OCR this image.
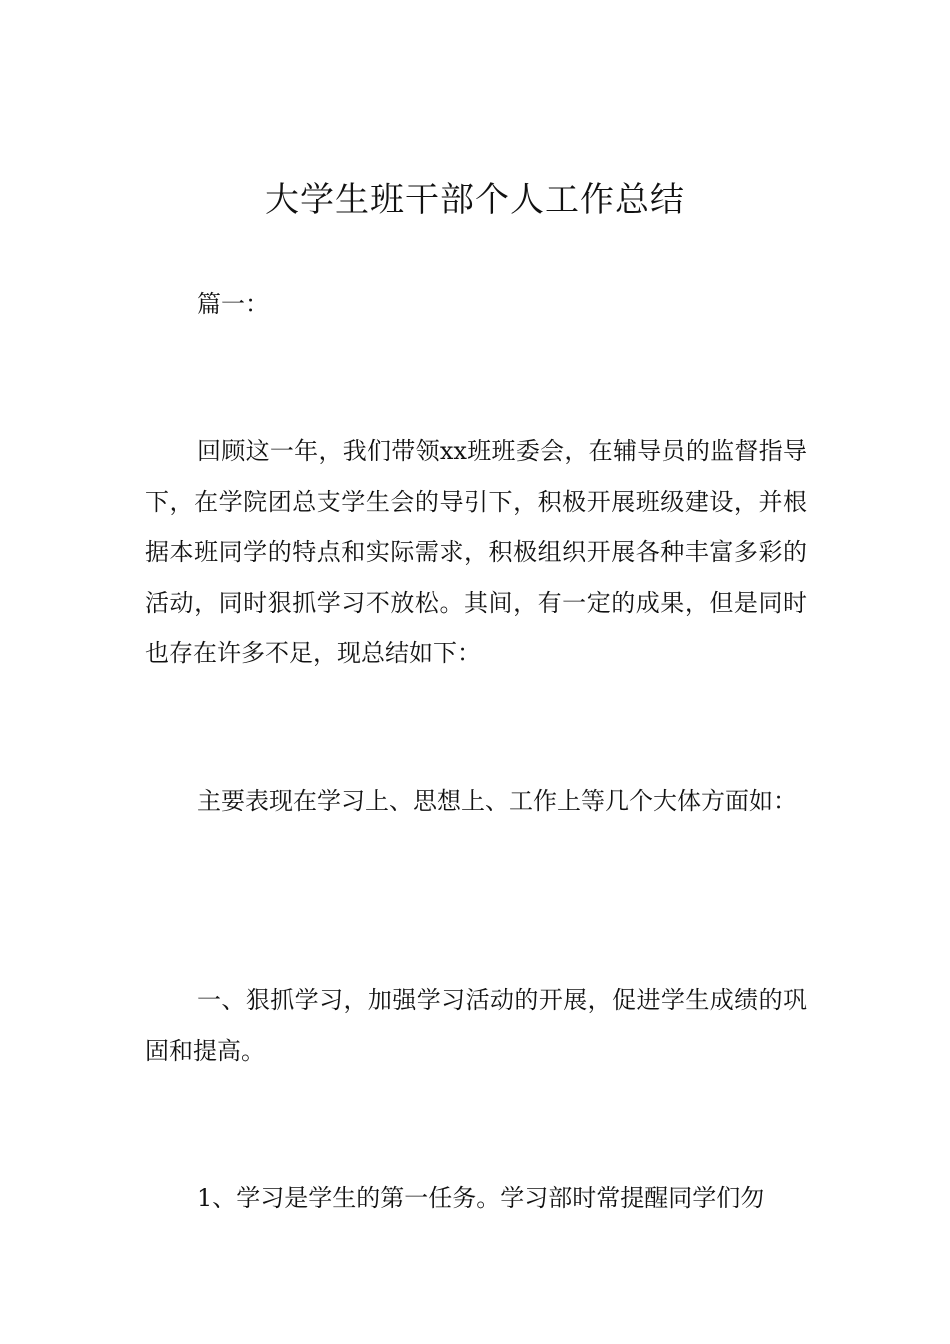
大学生班干部个人工作总结
篇一：
回顾这一年，我们带领xx班班委会，在辅导员的监督指导下，在学院团总支学生会的导引下，积极开展班级建设，并根据本班同学的特点和实际需求，积极组织开展各种丰富多彩的活动，同时狠抓学习不放松。其间，有一定的成果，但是同时也存在许多不足，现总结如下：
主要表现在学习上、思想上、工作上等几个大体方面如：
一、狠抓学习，加强学习活动的开展，促进学生成绩的巩固和提高。
1、学习是学生的第一任务。学习部时常提醒同学们勿
